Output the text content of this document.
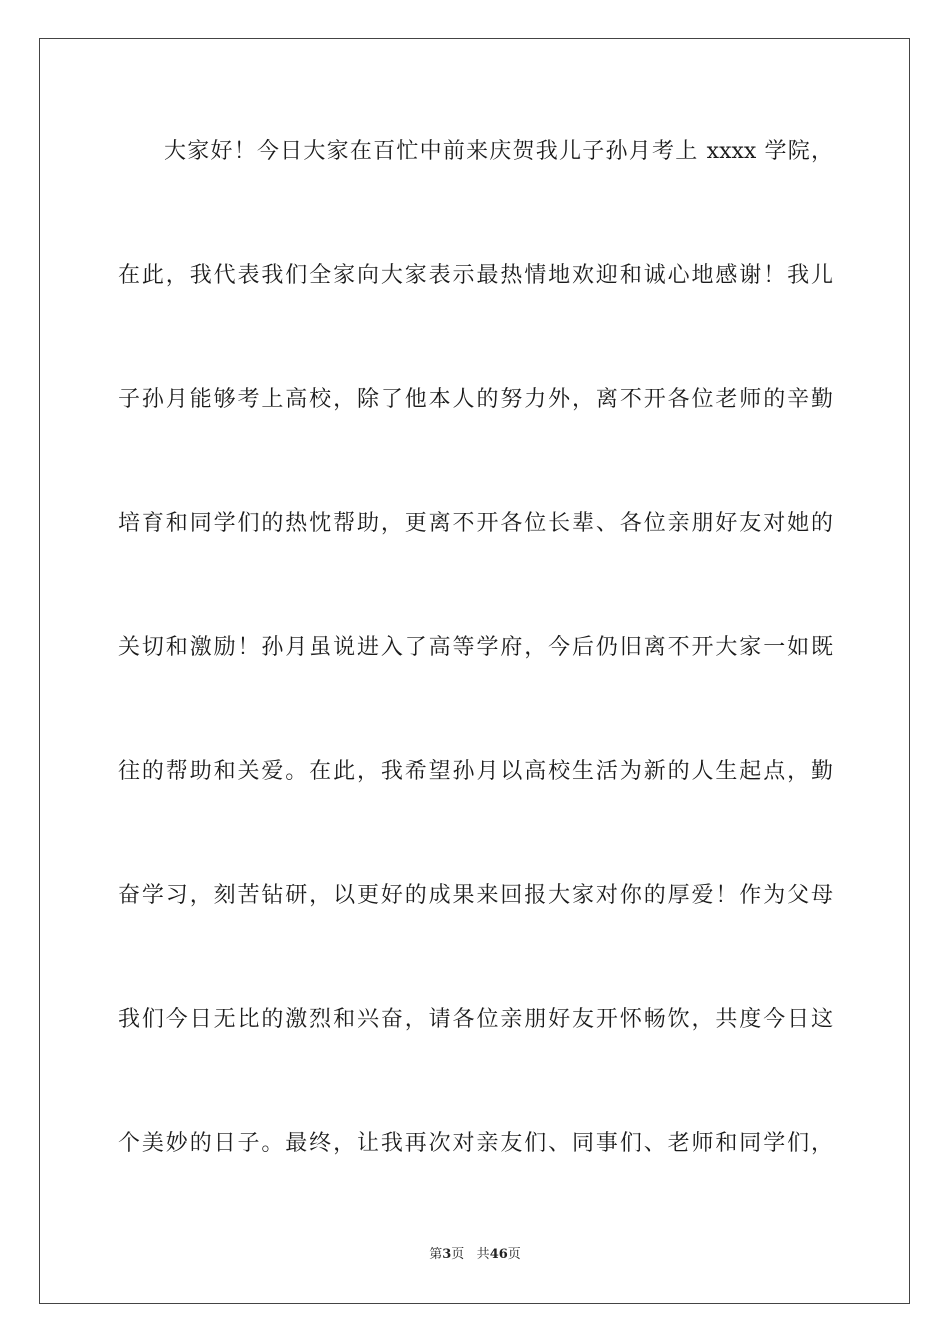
大家好！今日大家在百忙中前来庆贺我儿子孙月考上 xxxx 学院，
在此，我代表我们全家向大家表示最热情地欢迎和诚心地感谢！我儿
子孙月能够考上高校，除了他本人的努力外，离不开各位老师的辛勤
培育和同学们的热忱帮助，更离不开各位长辈、各位亲朋好友对她的
关切和激励！孙月虽说进入了高等学府，今后仍旧离不开大家一如既
往的帮助和关爱。在此，我希望孙月以高校生活为新的人生起点，勤
奋学习，刻苦钻研，以更好的成果来回报大家对你的厚爱！作为父母
我们今日无比的激烈和兴奋，请各位亲朋好友开怀畅饮，共度今日这
个美妙的日子。最终，让我再次对亲友们、同事们、老师和同学们，
第3页 共46页
